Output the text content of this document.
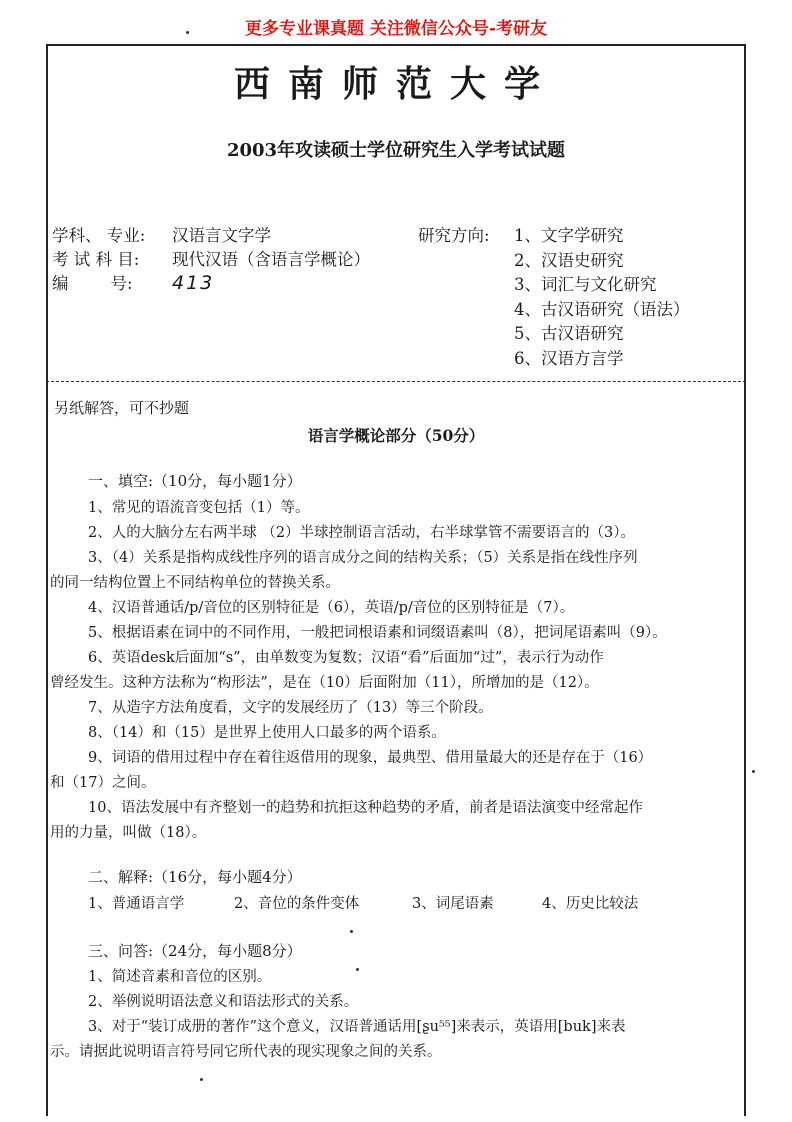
更多专业课真题 关注微信公众号-考研友
西南师范大学
2003年攻读硕士学位研究生入学考试试题
学科、 专业: 汉语言文字学
考 试 科 目: 现代汉语（含语言学概论）
编        号: 413
研究方向: 1、文字学研究
2、汉语史研究
3、词汇与文化研究
4、古汉语研究（语法）
5、古汉语研究
6、汉语方言学
另纸解答，可不抄题
语言学概论部分（50分）
一、填空:（10分，每小题1分）
1、常见的语流音变包括（1）等。
2、人的大脑分左右两半球 （2）半球控制语言活动，右半球掌管不需要语言的（3）。
3、（4）关系是指构成线性序列的语言成分之间的结构关系；（5）关系是指在线性序列
的同一结构位置上不同结构单位的替换关系。
4、汉语普通话/p/音位的区别特征是（6），英语/p/音位的区别特征是（7）。
5、根据语素在词中的不同作用，一般把词根语素和词缀语素叫（8），把词尾语素叫（9）。
6、英语desk后面加“s”，由单数变为复数；汉语“看”后面加“过”，表示行为动作
曾经发生。这种方法称为“构形法”，是在（10）后面附加（11），所增加的是（12）。
7、从造字方法角度看，文字的发展经历了（13）等三个阶段。
8、（14）和（15）是世界上使用人口最多的两个语系。
9、词语的借用过程中存在着往返借用的现象，最典型、借用量最大的还是存在于（16）
和（17）之间。
10、语法发展中有齐整划一的趋势和抗拒这种趋势的矛盾，前者是语法演变中经常起作
用的力量，叫做（18）。
二、解释:（16分，每小题4分）
1、普通语言学	2、音位的条件变体	3、词尾语素	4、历史比较法
三、问答:（24分，每小题8分）
1、简述音素和音位的区别。
2、举例说明语法意义和语法形式的关系。
3、对于“装订成册的著作”这个意义，汉语普通话用[ʂu⁵⁵]来表示，英语用[buk]来表
示。请据此说明语言符号同它所代表的现实现象之间的关系。
